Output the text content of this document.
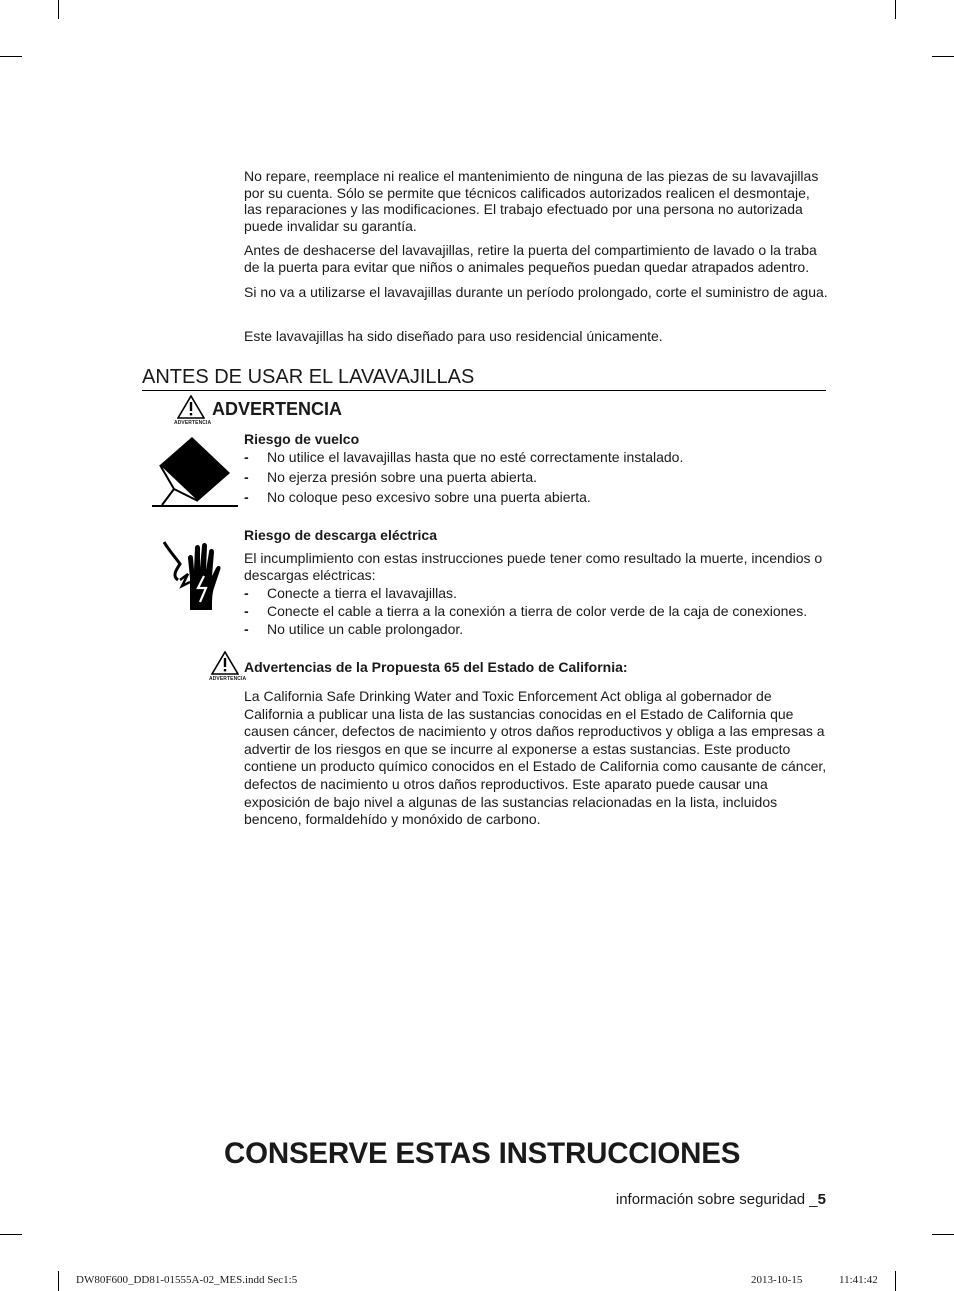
No repare, reemplace ni realice el mantenimiento de ninguna de las piezas de su lavavajillas por su cuenta. Sólo se permite que técnicos calificados autorizados realicen el desmontaje, las reparaciones y las modificaciones. El trabajo efectuado por una persona no autorizada puede invalidar su garantía.

Antes de deshacerse del lavavajillas, retire la puerta del compartimiento de lavado o la traba de la puerta para evitar que niños o animales pequeños puedan quedar atrapados adentro.

Si no va a utilizarse el lavavajillas durante un período prolongado, corte el suministro de agua.

Este lavavajillas ha sido diseñado para uso residencial únicamente.

ANTES DE USAR EL LAVAVAJILLAS
ADVERTENCIA
ADVERTENCIA
Riesgo de vuelco
- No utilice el lavavajillas hasta que no esté correctamente instalado.
- No ejerza presión sobre una puerta abierta.
- No coloque peso excesivo sobre una puerta abierta.
Riesgo de descarga eléctrica

El incumplimiento con estas instrucciones puede tener como resultado la muerte, incendios o descargas eléctricas:

- Conecte a tierra el lavavajillas.
- Conecte el cable a tierra a la conexión a tierra de color verde de la caja de conexiones.
- No utilice un cable prolongador.
ADVERTENCIA
Advertencias de la Propuesta 65 del Estado de California:

La California Safe Drinking Water and Toxic Enforcement Act obliga al gobernador de California a publicar una lista de las sustancias conocidas en el Estado de California que causen cáncer, defectos de nacimiento y otros daños reproductivos y obliga a las empresas a advertir de los riesgos en que se incurre al exponerse a estas sustancias. Este producto contiene un producto químico conocidos en el Estado de California como causante de cáncer, defectos de nacimiento u otros daños reproductivos. Este aparato puede causar una exposición de bajo nivel a algunas de las sustancias relacionadas en la lista, incluidos benceno, formaldehído y monóxido de carbono.

CONSERVE ESTAS INSTRUCCIONES
información sobre seguridad _5
DW80F600_DD81-01555A-02_MES.indd Sec1:5	2013-10-15	11:41:42
